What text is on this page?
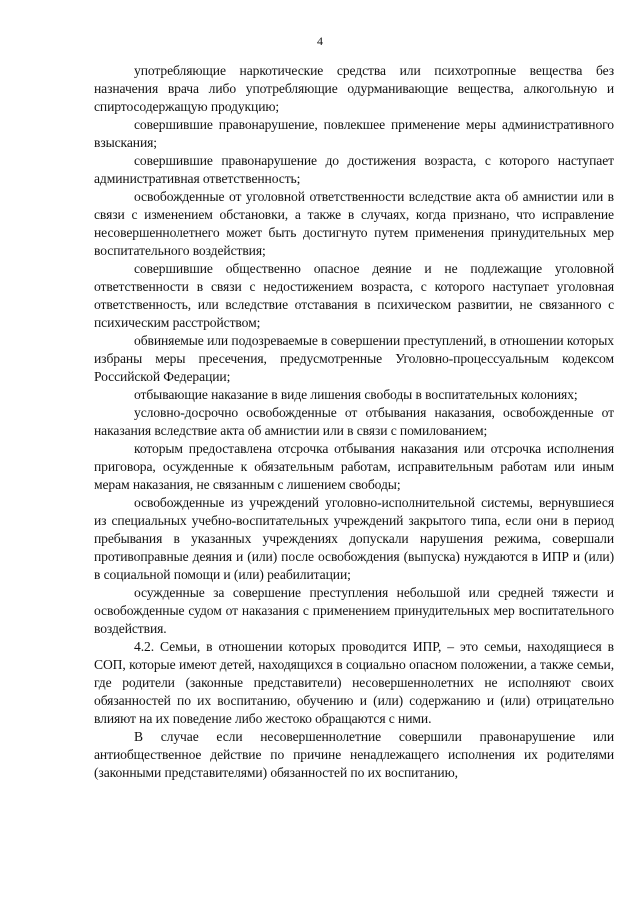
4

употребляющие наркотические средства или психотропные вещества без назначения врача либо употребляющие одурманивающие вещества, алкогольную и спиртосодержащую продукцию;

совершившие правонарушение, повлекшее применение меры административного взыскания;

совершившие правонарушение до достижения возраста, с которого наступает административная ответственность;

освобожденные от уголовной ответственности вследствие акта об амнистии или в связи с изменением обстановки, а также в случаях, когда признано, что исправление несовершеннолетнего может быть достигнуто путем применения принудительных мер воспитательного воздействия;

совершившие общественно опасное деяние и не подлежащие уголовной ответственности в связи с недостижением возраста, с которого наступает уголовная ответственность, или вследствие отставания в психическом развитии, не связанного с психическим расстройством;

обвиняемые или подозреваемые в совершении преступлений, в отношении которых избраны меры пресечения, предусмотренные Уголовно-процессуальным кодексом Российской Федерации;

отбывающие наказание в виде лишения свободы в воспитательных колониях;

условно-досрочно освобожденные от отбывания наказания, освобожденные от наказания вследствие акта об амнистии или в связи с помилованием;

которым предоставлена отсрочка отбывания наказания или отсрочка исполнения приговора, осужденные к обязательным работам, исправительным работам или иным мерам наказания, не связанным с лишением свободы;

освобожденные из учреждений уголовно-исполнительной системы, вернувшиеся из специальных учебно-воспитательных учреждений закрытого типа, если они в период пребывания в указанных учреждениях допускали нарушения режима, совершали противоправные деяния и (или) после освобождения (выпуска) нуждаются в ИПР и (или) в социальной помощи и (или) реабилитации;

осужденные за совершение преступления небольшой или средней тяжести и освобожденные судом от наказания с применением принудительных мер воспитательного воздействия.

4.2. Семьи, в отношении которых проводится ИПР, – это семьи, находящиеся в СОП, которые имеют детей, находящихся в социально опасном положении, а также семьи, где родители (законные представители) несовершеннолетних не исполняют своих обязанностей по их воспитанию, обучению и (или) содержанию и (или) отрицательно влияют на их поведение либо жестоко обращаются с ними.

В случае если несовершеннолетние совершили правонарушение или антиобщественное действие по причине ненадлежащего исполнения их родителями (законными представителями) обязанностей по их воспитанию,
